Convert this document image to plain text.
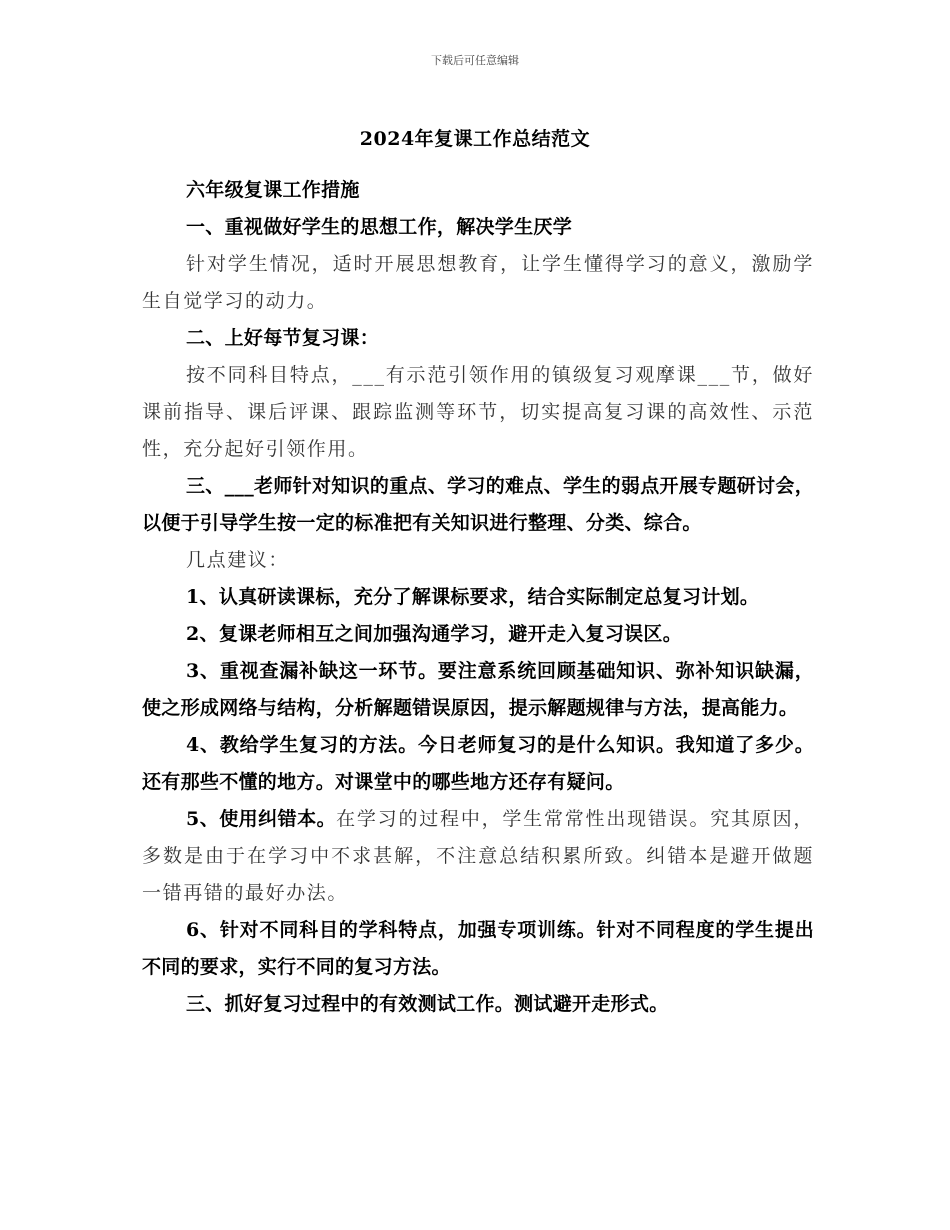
下载后可任意编辑
2024年复课工作总结范文

六年级复课工作措施

一、重视做好学生的思想工作，解决学生厌学

针对学生情况，适时开展思想教育，让学生懂得学习的意义，激励学生自觉学习的动力。

二、上好每节复习课：

按不同科目特点，___有示范引领作用的镇级复习观摩课___节，做好课前指导、课后评课、跟踪监测等环节，切实提高复习课的高效性、示范性，充分起好引领作用。

三、___老师针对知识的重点、学习的难点、学生的弱点开展专题研讨会，以便于引导学生按一定的标准把有关知识进行整理、分类、综合。

几点建议：

1、认真研读课标，充分了解课标要求，结合实际制定总复习计划。

2、复课老师相互之间加强沟通学习，避开走入复习误区。

3、重视查漏补缺这一环节。要注意系统回顾基础知识、弥补知识缺漏，使之形成网络与结构，分析解题错误原因，提示解题规律与方法，提高能力。

4、教给学生复习的方法。今日老师复习的是什么知识。我知道了多少。还有那些不懂的地方。对课堂中的哪些地方还存有疑问。

5、使用纠错本。在学习的过程中，学生常常性出现错误。究其原因，多数是由于在学习中不求甚解，不注意总结积累所致。纠错本是避开做题一错再错的最好办法。

6、针对不同科目的学科特点，加强专项训练。针对不同程度的学生提出不同的要求，实行不同的复习方法。

三、抓好复习过程中的有效测试工作。测试避开走形式。
